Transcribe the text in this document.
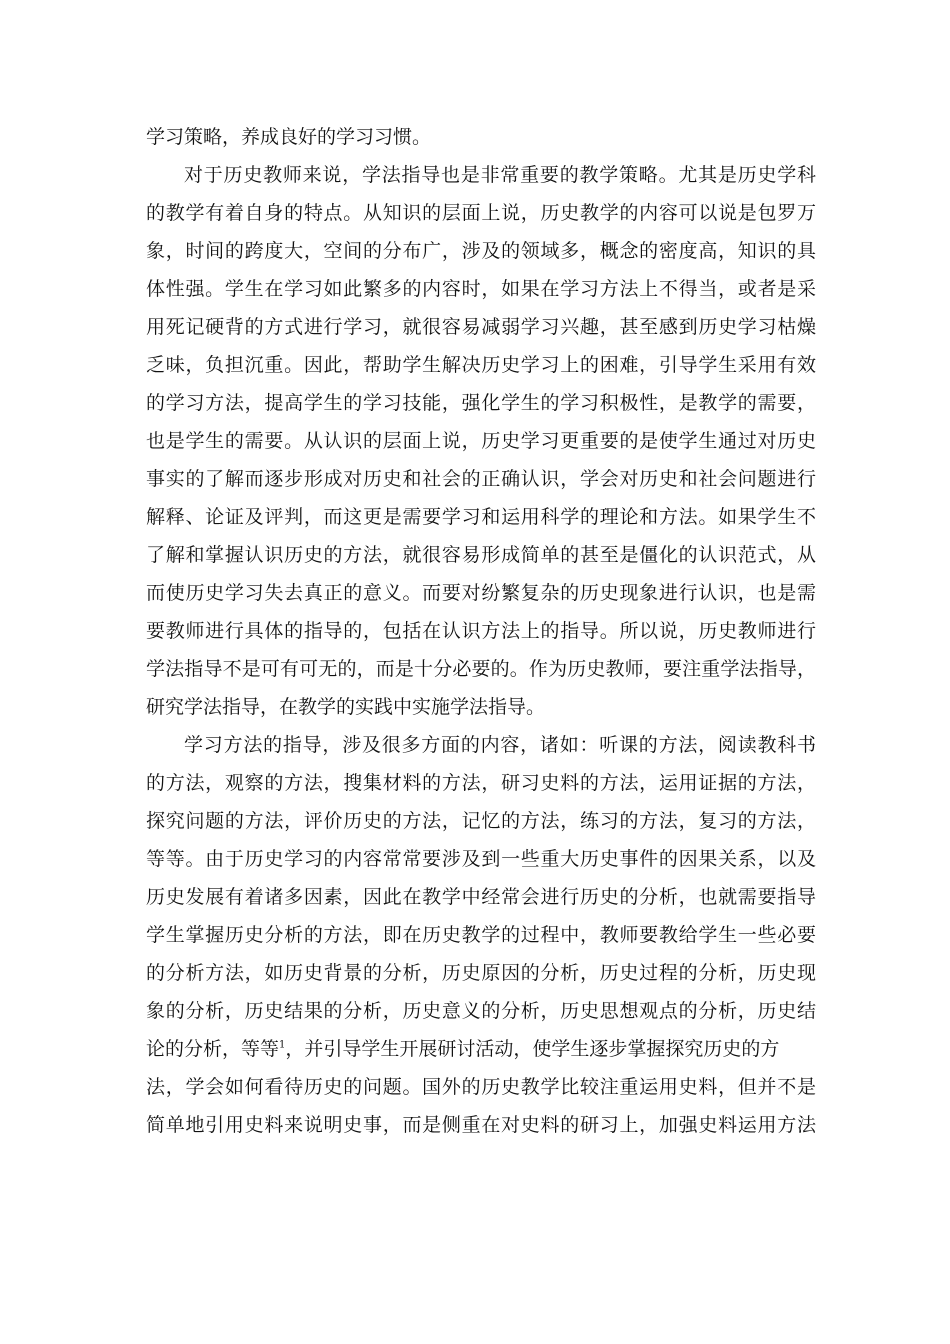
学习策略，养成良好的学习习惯。
对于历史教师来说，学法指导也是非常重要的教学策略。尤其是历史学科
的教学有着自身的特点。从知识的层面上说，历史教学的内容可以说是包罗万
象，时间的跨度大，空间的分布广，涉及的领域多，概念的密度高，知识的具
体性强。学生在学习如此繁多的内容时，如果在学习方法上不得当，或者是采
用死记硬背的方式进行学习，就很容易减弱学习兴趣，甚至感到历史学习枯燥
乏味，负担沉重。因此，帮助学生解决历史学习上的困难，引导学生采用有效
的学习方法，提高学生的学习技能，强化学生的学习积极性，是教学的需要，
也是学生的需要。从认识的层面上说，历史学习更重要的是使学生通过对历史
事实的了解而逐步形成对历史和社会的正确认识，学会对历史和社会问题进行
解释、论证及评判，而这更是需要学习和运用科学的理论和方法。如果学生不
了解和掌握认识历史的方法，就很容易形成简单的甚至是僵化的认识范式，从
而使历史学习失去真正的意义。而要对纷繁复杂的历史现象进行认识，也是需
要教师进行具体的指导的，包括在认识方法上的指导。所以说，历史教师进行
学法指导不是可有可无的，而是十分必要的。作为历史教师，要注重学法指导，
研究学法指导，在教学的实践中实施学法指导。
学习方法的指导，涉及很多方面的内容，诸如：听课的方法，阅读教科书
的方法，观察的方法，搜集材料的方法，研习史料的方法，运用证据的方法，
探究问题的方法，评价历史的方法，记忆的方法，练习的方法，复习的方法，
等等。由于历史学习的内容常常要涉及到一些重大历史事件的因果关系，以及
历史发展有着诸多因素，因此在教学中经常会进行历史的分析，也就需要指导
学生掌握历史分析的方法，即在历史教学的过程中，教师要教给学生一些必要
的分析方法，如历史背景的分析，历史原因的分析，历史过程的分析，历史现
象的分析，历史结果的分析，历史意义的分析，历史思想观点的分析，历史结
论的分析，等等$^1$，并引导学生开展研讨活动，使学生逐步掌握探究历史的方
法，学会如何看待历史的问题。国外的历史教学比较注重运用史料，但并不是
简单地引用史料来说明史事，而是侧重在对史料的研习上，加强史料运用方法
